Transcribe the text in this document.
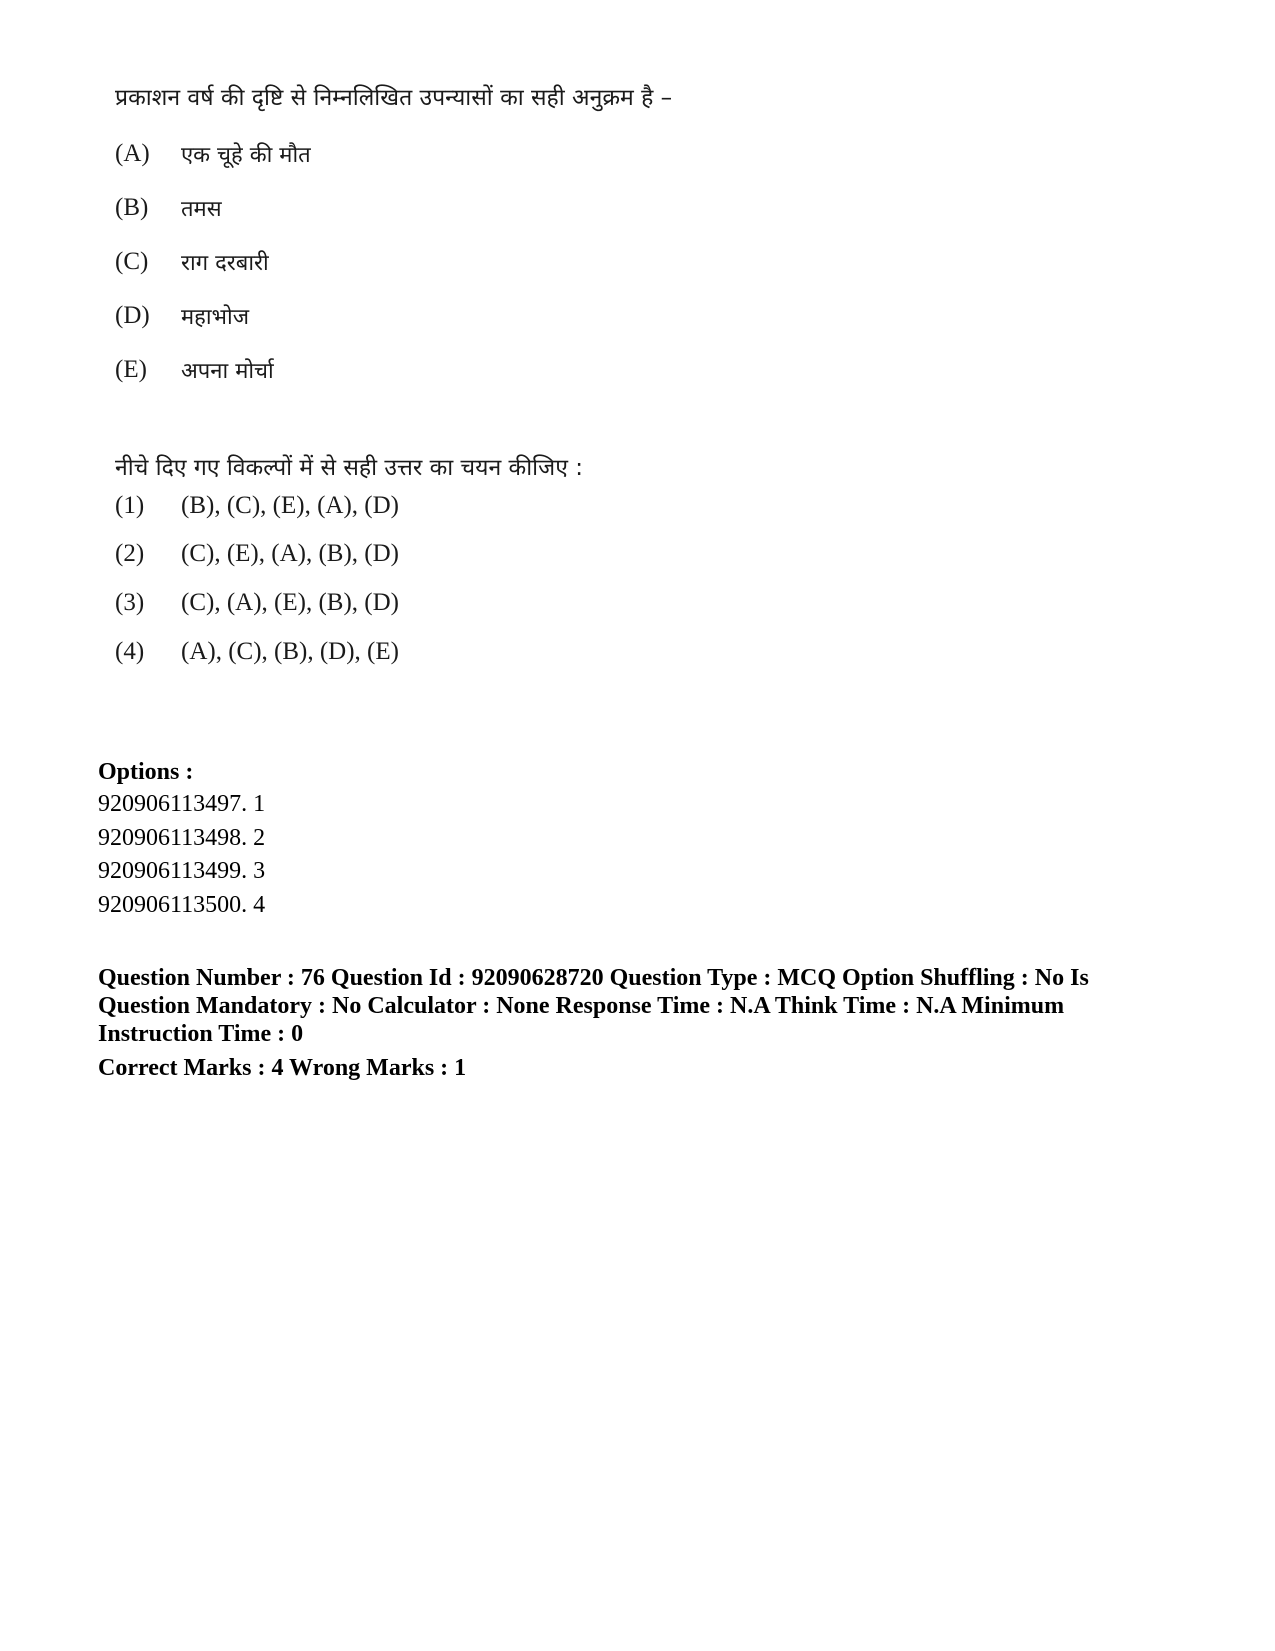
प्रकाशन वर्ष की दृष्टि से निम्नलिखित उपन्यासों का सही अनुक्रम है –
(A)	एक चूहे की मौत
(B)	तमस
(C)	राग दरबारी
(D)	महाभोज
(E)	अपना मोर्चा
नीचे दिए गए विकल्पों में से सही उत्तर का चयन कीजिए :
(1)	(B), (C), (E), (A), (D)
(2)	(C), (E), (A), (B), (D)
(3)	(C), (A), (E), (B), (D)
(4)	(A), (C), (B), (D), (E)
Options :
920906113497. 1
920906113498. 2
920906113499. 3
920906113500. 4
Question Number : 76 Question Id : 92090628720 Question Type : MCQ Option Shuffling : No Is Question Mandatory : No Calculator : None Response Time : N.A Think Time : N.A Minimum Instruction Time : 0
Correct Marks : 4 Wrong Marks : 1
